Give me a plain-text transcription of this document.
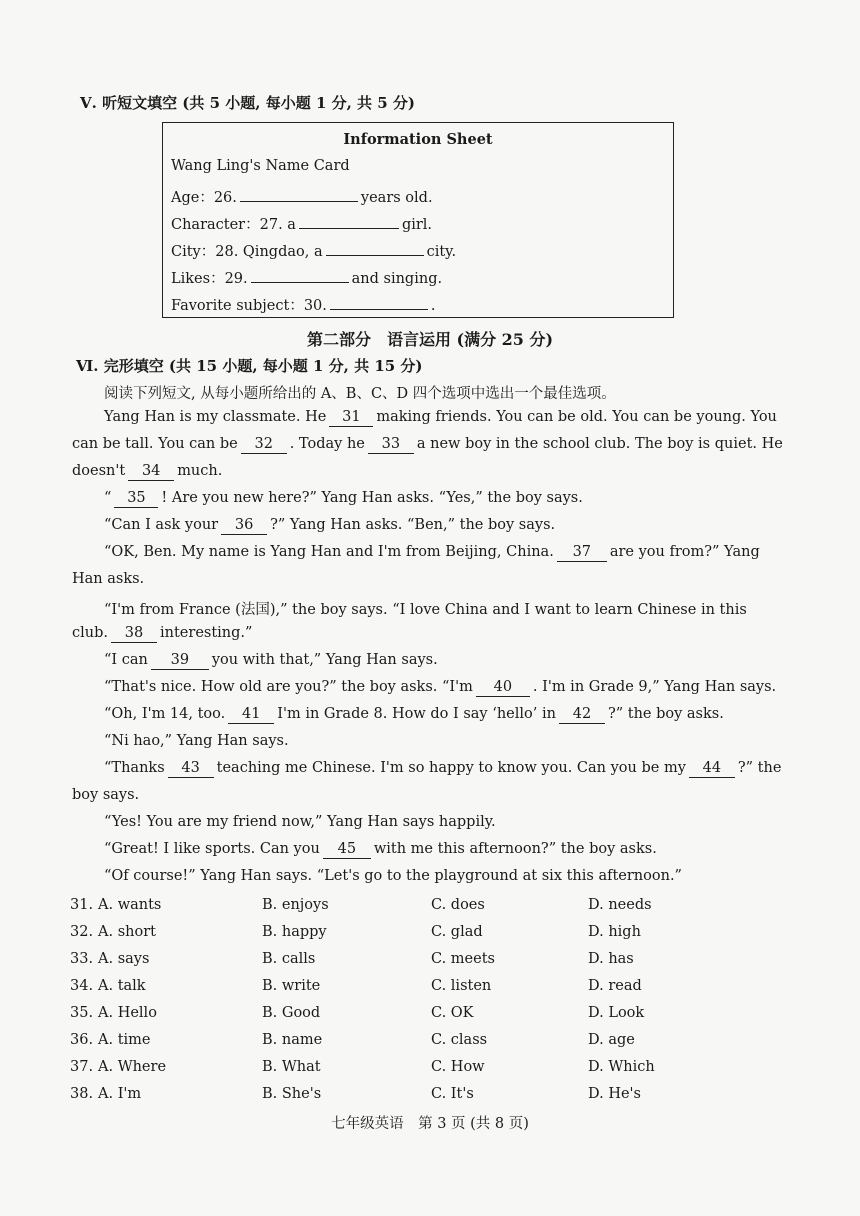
Ⅴ. 听短文填空 (共 5 小题, 每小题 1 分, 共 5 分)
Information Sheet
Wang Ling's Name Card
Age：26.	years old.
Character：27. a	girl.
City：28. Qingdao, a	city.
Likes：29.	and singing.
Favorite subject：30.	.
第二部分　语言运用 (满分 25 分)
Ⅵ. 完形填空 (共 15 小题, 每小题 1 分, 共 15 分)
阅读下列短文, 从每小题所给出的 A、B、C、D 四个选项中选出一个最佳选项。
Yang Han is my classmate. He 31 making friends. You can be old. You can be young. You
can be tall. You can be 32 . Today he 33 a new boy in the school club. The boy is quiet. He
doesn't 34 much.
“ 35 ! Are you new here?” Yang Han asks. “Yes,” the boy says.
“Can I ask your 36 ?” Yang Han asks. “Ben,” the boy says.
“OK, Ben. My name is Yang Han and I'm from Beijing, China. 37 are you from?” Yang
Han asks.
“I'm from France (法国),” the boy says. “I love China and I want to learn Chinese in this
club. 38 interesting.”
“I can 39 you with that,” Yang Han says.
“That's nice. How old are you?” the boy asks. “I'm 40 . I'm in Grade 9,” Yang Han says.
“Oh, I'm 14, too. 41 I'm in Grade 8. How do I say ‘hello’ in 42 ?” the boy asks.
“Ni hao,” Yang Han says.
“Thanks 43 teaching me Chinese. I'm so happy to know you. Can you be my 44 ?” the
boy says.
“Yes! You are my friend now,” Yang Han says happily.
“Great! I like sports. Can you 45 with me this afternoon?” the boy asks.
“Of course!” Yang Han says. “Let's go to the playground at six this afternoon.”
31. A. wants	B. enjoys	C. does	D. needs
32. A. short	B. happy	C. glad	D. high
33. A. says	B. calls	C. meets	D. has
34. A. talk	B. write	C. listen	D. read
35. A. Hello	B. Good	C. OK	D. Look
36. A. time	B. name	C. class	D. age
37. A. Where	B. What	C. How	D. Which
38. A. I'm	B. She's	C. It's	D. He's
七年级英语　第 3 页 (共 8 页)
